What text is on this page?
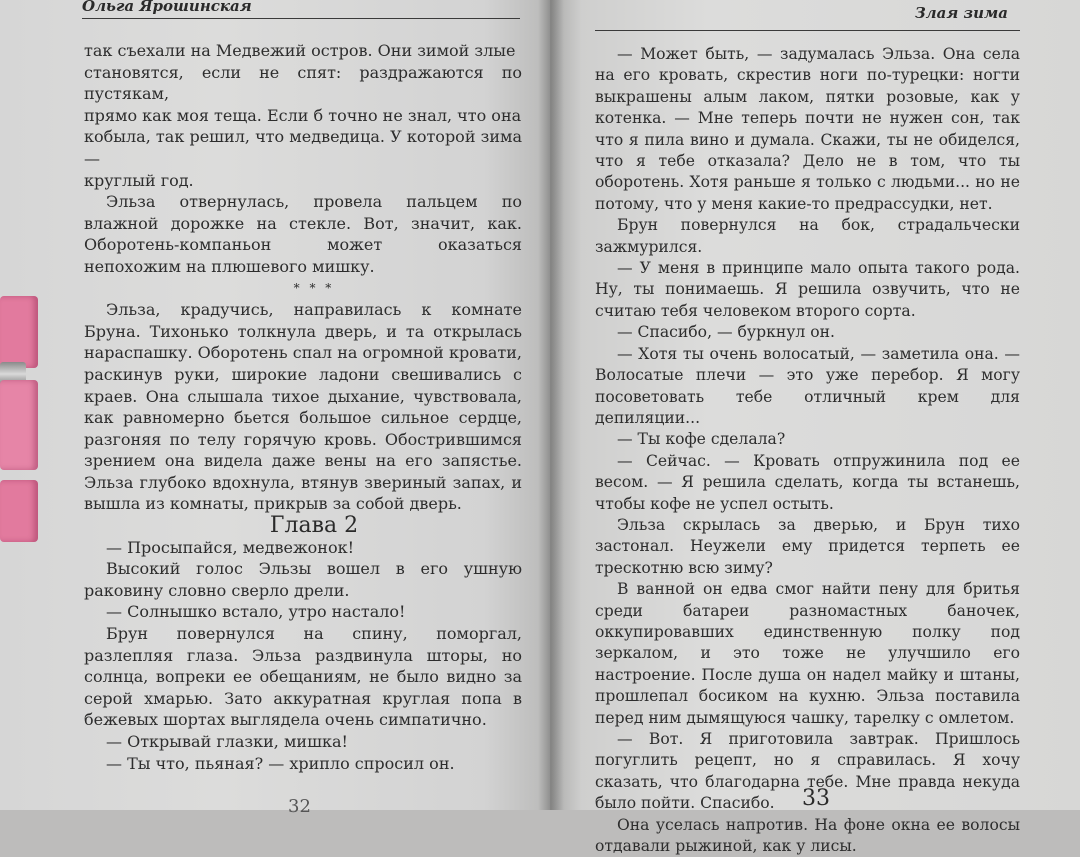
Ольга Ярошинская

так съехали на Медвежий остров. Они зимой злые

становятся, если не спят: раздражаются по пустякам,

прямо как моя теща. Если б точно не знал, что она

кобыла, так решил, что медведица. У которой зима —

круглый год.

Эльза отвернулась, провела пальцем по влажной дорожке на стекле. Вот, значит, как. Оборотень-компаньон может оказаться непохожим на плюшевого мишку.

* * *

Эльза, крадучись, направилась к комнате Бруна. Тихонько толкнула дверь, и та открылась нараспашку. Оборотень спал на огромной кровати, раскинув руки, широкие ладони свешивались с краев. Она слышала тихое дыхание, чувствовала, как равномерно бьется большое сильное сердце, разгоняя по телу горячую кровь. Обострившимся зрением она видела даже вены на его запястье. Эльза глубоко вдохнула, втянув звериный запах, и вышла из комнаты, прикрыв за собой дверь.

Глава 2

— Просыпайся, медвежонок!

Высокий голос Эльзы вошел в его ушную раковину словно сверло дрели.

— Солнышко встало, утро настало!

Брун повернулся на спину, поморгал, разлепляя глаза. Эльза раздвинула шторы, но солнца, вопреки ее обещаниям, не было видно за серой хмарью. Зато аккуратная круглая попа в бежевых шортах выглядела очень симпатично.

— Открывай глазки, мишка!

— Ты что, пьяная? — хрипло спросил он.

32
Злая зима

— Может быть, — задумалась Эльза. Она села на его кровать, скрестив ноги по-турецки: ногти выкрашены алым лаком, пятки розовые, как у котенка. — Мне теперь почти не нужен сон, так что я пила вино и думала. Скажи, ты не обиделся, что я тебе отказала? Дело не в том, что ты оборотень. Хотя раньше я только с людьми... но не потому, что у меня какие-то предрассудки, нет.

Брун повернулся на бок, страдальчески зажмурился.

— У меня в принципе мало опыта такого рода. Ну, ты понимаешь. Я решила озвучить, что не считаю тебя человеком второго сорта.

— Спасибо, — буркнул он.

— Хотя ты очень волосатый, — заметила она. — Волосатые плечи — это уже перебор. Я могу посоветовать тебе отличный крем для депиляции...

— Ты кофе сделала?

— Сейчас. — Кровать отпружинила под ее весом. — Я решила сделать, когда ты встанешь, чтобы кофе не успел остыть.

Эльза скрылась за дверью, и Брун тихо застонал. Неужели ему придется терпеть ее трескотню всю зиму?

В ванной он едва смог найти пену для бритья среди батареи разномастных баночек, оккупировавших единственную полку под зеркалом, и это тоже не улучшило его настроение. После душа он надел майку и штаны, прошлепал босиком на кухню. Эльза поставила перед ним дымящуюся чашку, тарелку с омлетом.

— Вот. Я приготовила завтрак. Пришлось погуглить рецепт, но я справилась. Я хочу сказать, что благодарна тебе. Мне правда некуда было пойти. Спасибо.

Она уселась напротив. На фоне окна ее волосы отдавали рыжиной, как у лисы.

33
